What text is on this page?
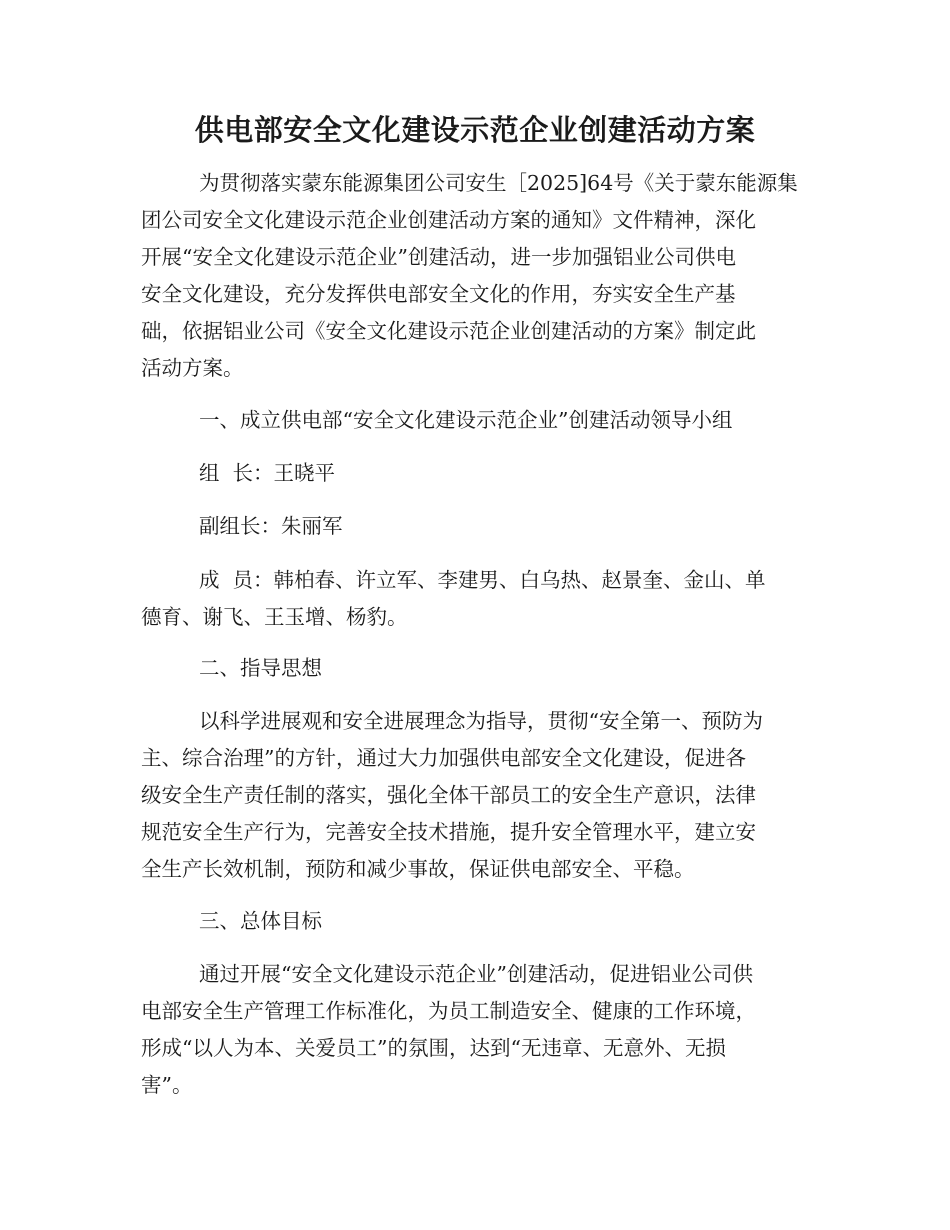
供电部安全文化建设示范企业创建活动方案
为贯彻落实蒙东能源集团公司安生［2025]64号《关于蒙东能源集
团公司安全文化建设示范企业创建活动方案的通知》文件精神，深化
开展“安全文化建设示范企业”创建活动，进一步加强铝业公司供电
安全文化建设，充分发挥供电部安全文化的作用，夯实安全生产基
础，依据铝业公司《安全文化建设示范企业创建活动的方案》制定此
活动方案。
一、成立供电部“安全文化建设示范企业”创建活动领导小组
组  长：王晓平
副组长：朱丽军
成  员：韩柏春、许立军、李建男、白乌热、赵景奎、金山、单
德育、谢飞、王玉增、杨豹。
二、指导思想
以科学进展观和安全进展理念为指导，贯彻“安全第一、预防为
主、综合治理”的方针，通过大力加强供电部安全文化建设，促进各
级安全生产责任制的落实，强化全体干部员工的安全生产意识，法律
规范安全生产行为，完善安全技术措施，提升安全管理水平，建立安
全生产长效机制，预防和减少事故，保证供电部安全、平稳。
三、总体目标
通过开展“安全文化建设示范企业”创建活动，促进铝业公司供
电部安全生产管理工作标准化，为员工制造安全、健康的工作环境，
形成“以人为本、关爱员工”的氛围，达到“无违章、无意外、无损
害”。
